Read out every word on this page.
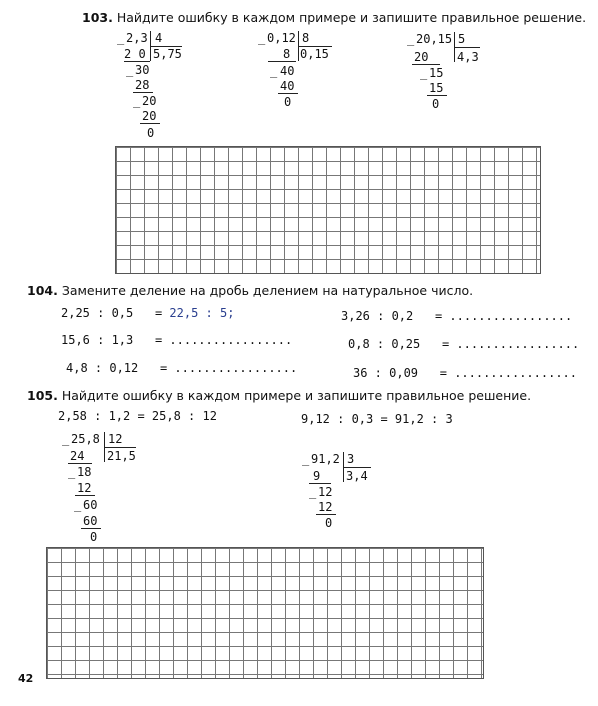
103. Найдите ошибку в каждом примере и запишите правильное решение.
_ 2,3 4
5,75
2 0
_ 30
28
_ 20
20
0
_ 0,12 8
0,15
8
_ 40
40
0
_ 20,15 5
4,3
20
_ 15
15
0
104. Замените деление на дробь делением на натуральное число.
2,25 : 0,5 = 22,5 : 5;
15,6 : 1,3 = .................
4,8 : 0,12 = .................
3,26 : 0,2 = .................
0,8 : 0,25 = .................
36 : 0,09 = .................
105. Найдите ошибку в каждом примере и запишите правильное решение.
2,58 : 1,2 = 25,8 : 12	9,12 : 0,3 = 91,2 : 3
_ 25,8 12
21,5
24
_ 18
12
_ 60
60
0
_ 91,2 3
3,4
9
_ 12
12
0
42
